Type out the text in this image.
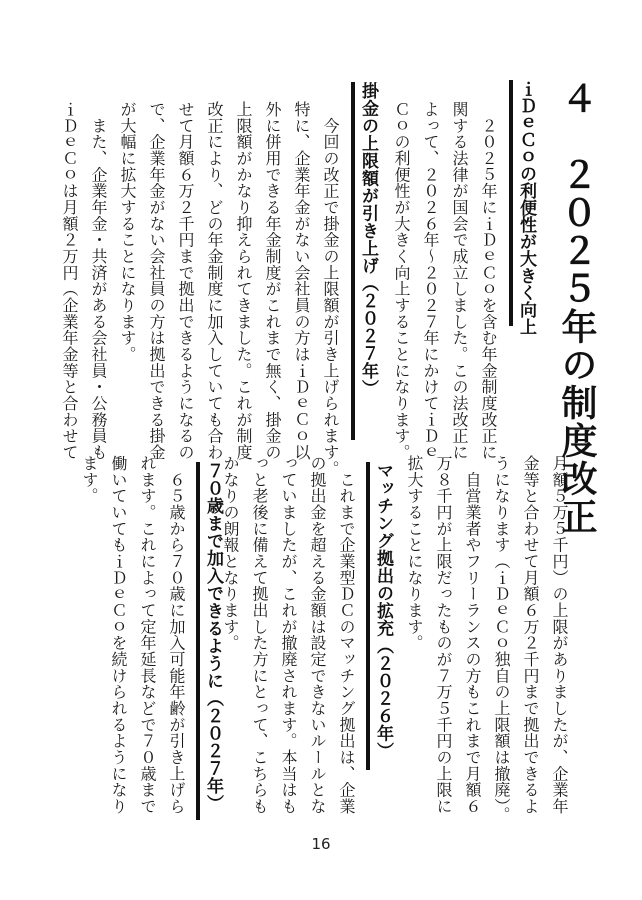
４　２０２５年の制度改正
ｉＤｅＣｏの利便性が大きく向上
　２０２５年にｉＤｅＣｏを含む年金制度改正に
関する法律が国会で成立しました。この法改正に
よって、２０２６年～２０２７年にかけてｉＤｅ
Ｃｏの利便性が大きく向上することになります。
掛金の上限額が引き上げ（２０２７年）
　今回の改正で掛金の上限額が引き上げられます。
特に、企業年金がない会社員の方はｉＤｅＣｏ以
外に併用できる年金制度がこれまで無く、掛金の
上限額がかなり抑えられてきました。これが制度
改正により、どの年金制度に加入していても合わ
せて月額６万２千円まで拠出できるようになるの
で、企業年金がない会社員の方は拠出できる掛金
が大幅に拡大することになります。
　また、企業年金・共済がある会社員・公務員も
ｉＤｅＣｏは月額２万円（企業年金等と合わせて
月額５万５千円）の上限がありましたが、企業年
金等と合わせて月額６万２千円まで拠出できるよ
うになります（ｉＤｅＣｏ独自の上限額は撤廃）。
　自営業者やフリーランスの方もこれまで月額６
万８千円が上限だったものが７万５千円の上限に
拡大することになります。
マッチング拠出の拡充（２０２６年）
　これまで企業型ＤＣのマッチング拠出は、企業
の拠出金を超える金額は設定できないルールとな
っていましたが、これが撤廃されます。本当はも
っと老後に備えて拠出した方にとって、こちらも
かなりの朗報となります。
７０歳まで加入できるように（２０２７年）
　６５歳から７０歳に加入可能年齢が引き上げら
れます。これによって定年延長などで７０歳まで
働いていてもｉＤｅＣｏを続けられるようになり
ます。
16
